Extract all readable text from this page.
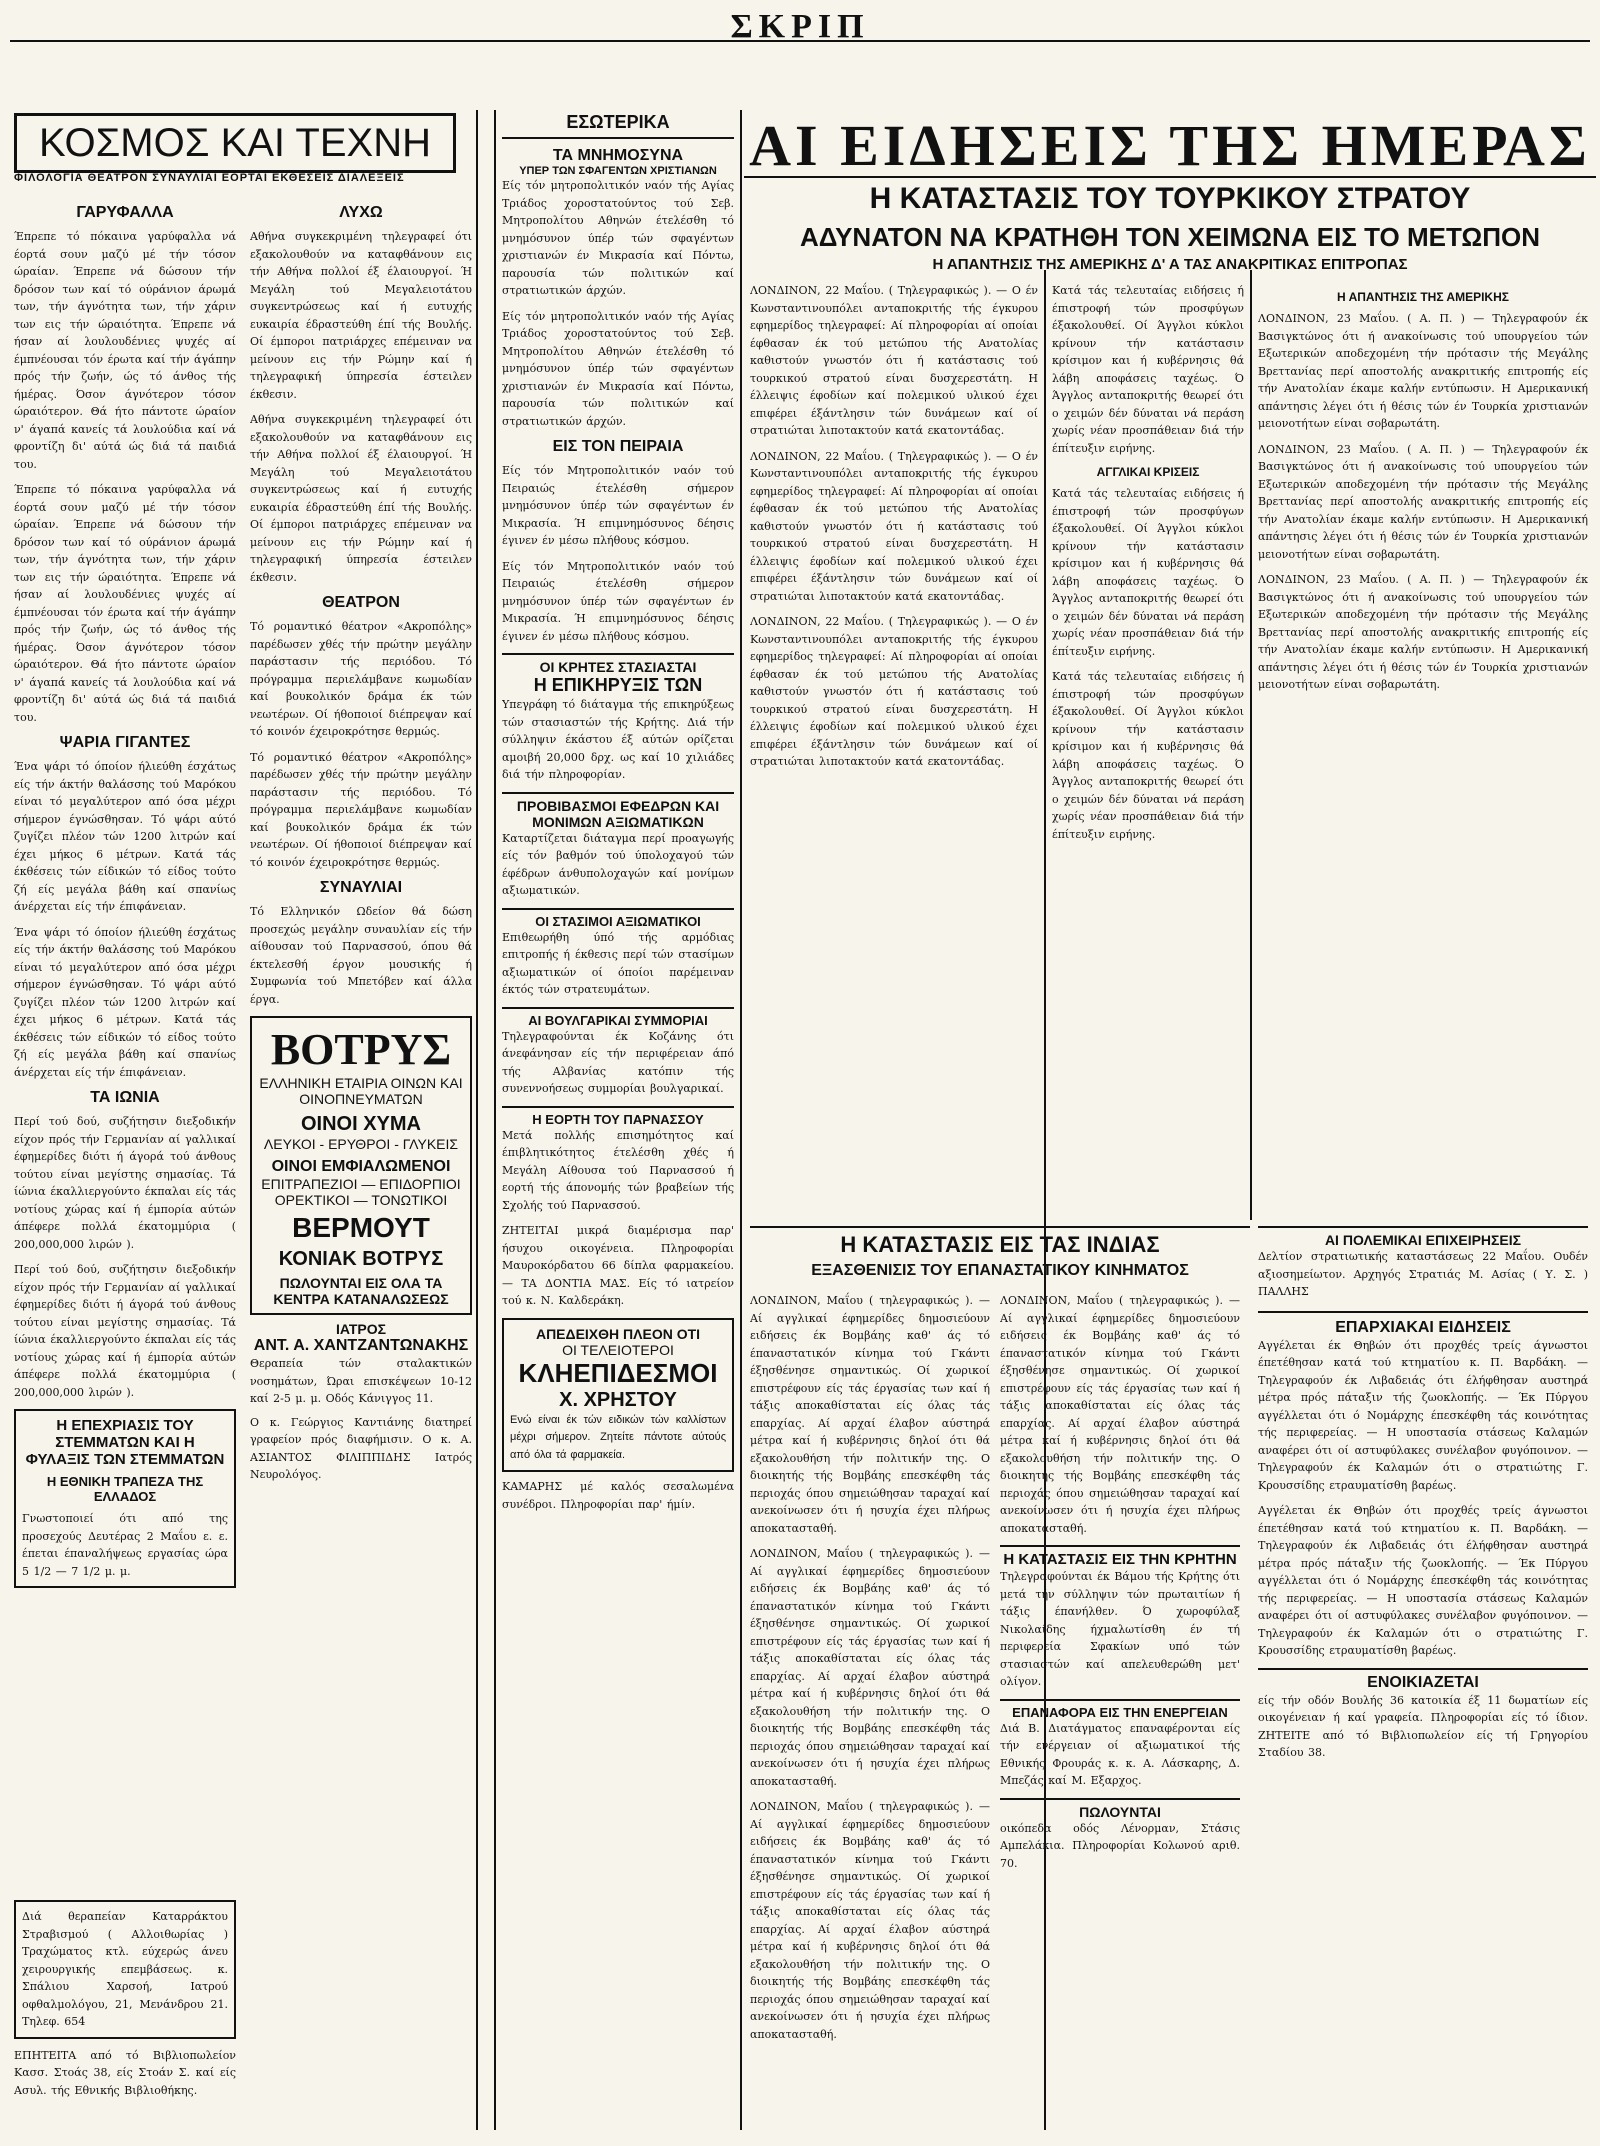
ΣΚΡΙΠ
ΚΟΣΜΟΣ ΚΑΙ ΤΕΧΝΗ
ΦΙΛΟΛΟΓΙΑ ΘΕΑΤΡΟΝ ΣΥΝΑΥΛΙΑΙ ΕΟΡΤΑΙ ΕΚΘΕΣΕΙΣ ΔΙΑΛΕΞΕΙΣ
ΓΑΡΥΦΑΛΛΑ
Έπρεπε τό πόκαινα γαρύφαλλα νά έορτά σουν μαζύ μέ τήν τόσον ώραίαν. Έπρεπε νά δώσουν τήν δρόσον των καί τό ούράνιον άρωμά των, τήν άγνότητα των, τήν χάριν των εις τήν ώραιότητα. Έπρεπε νά ήσαν αί λουλουδένιες ψυχές αί έμπνέουσαι τόν έρωτα καί τήν άγάπην πρός τήν ζωήν, ώς τό άνθος τής ήμέρας. Όσον άγνότερον τόσον ώραιότερον. Θά ήτο πάντοτε ώραίον ν' άγαπά κανείς τά λουλούδια καί νά φροντίζη δι' αύτά ώς διά τά παιδιά του.
Έπρεπε τό πόκαινα γαρύφαλλα νά έορτά σουν μαζύ μέ τήν τόσον ώραίαν. Έπρεπε νά δώσουν τήν δρόσον των καί τό ούράνιον άρωμά των, τήν άγνότητα των, τήν χάριν των εις τήν ώραιότητα. Έπρεπε νά ήσαν αί λουλουδένιες ψυχές αί έμπνέουσαι τόν έρωτα καί τήν άγάπην πρός τήν ζωήν, ώς τό άνθος τής ήμέρας. Όσον άγνότερον τόσον ώραιότερον. Θά ήτο πάντοτε ώραίον ν' άγαπά κανείς τά λουλούδια καί νά φροντίζη δι' αύτά ώς διά τά παιδιά του.
ΨΑΡΙΑ ΓΙΓΑΝΤΕΣ
Ένα ψάρι τό όποίον ήλιεύθη έσχάτως είς τήν άκτήν θαλάσσης τού Μαρόκου είναι τό μεγαλύτερον από όσα μέχρι σήμερον έγνώσθησαν. Τό ψάρι αύτό ζυγίζει πλέον τών 1200 λιτρών καί έχει μήκος 6 μέτρων. Κατά τάς έκθέσεις τών είδικών τό είδος τούτο ζή είς μεγάλα βάθη καί σπανίως άνέρχεται είς τήν έπιφάνειαν.
Ένα ψάρι τό όποίον ήλιεύθη έσχάτως είς τήν άκτήν θαλάσσης τού Μαρόκου είναι τό μεγαλύτερον από όσα μέχρι σήμερον έγνώσθησαν. Τό ψάρι αύτό ζυγίζει πλέον τών 1200 λιτρών καί έχει μήκος 6 μέτρων. Κατά τάς έκθέσεις τών είδικών τό είδος τούτο ζή είς μεγάλα βάθη καί σπανίως άνέρχεται είς τήν έπιφάνειαν.
ΤΑ ΙΩΝΙΑ
Περί τού δού, συζήτησιν διεξοδικήν είχον πρός τήν Γερμανίαν αί γαλλικαί έφημερίδες διότι ή άγορά τού άνθους τούτου είναι μεγίστης σημασίας. Τά ίώνια έκαλλιεργούντο έκπαλαι είς τάς νοτίους χώρας καί ή έμπορία αύτών άπέφερε πολλά έκατομμύρια ( 200,000,000 λιρών ).
Περί τού δού, συζήτησιν διεξοδικήν είχον πρός τήν Γερμανίαν αί γαλλικαί έφημερίδες διότι ή άγορά τού άνθους τούτου είναι μεγίστης σημασίας. Τά ίώνια έκαλλιεργούντο έκπαλαι είς τάς νοτίους χώρας καί ή έμπορία αύτών άπέφερε πολλά έκατομμύρια ( 200,000,000 λιρών ).
Η ΕΠΕΧΡΙΑΣΙΣ ΤΟΥ ΣΤΕΜΜΑΤΩΝ ΚΑΙ Η ΦΥΛΑΞΙΣ ΤΩΝ ΣΤΕΜΜΑΤΩΝ
Η ΕΘΝΙΚΗ ΤΡΑΠΕΖΑ ΤΗΣ ΕΛΛΑΔΟΣ
Γνωστοποιεί ότι από της προσεχούς Δευτέρας 2 Μαΐου ε. ε. έπεται έπαναλήψεως εργασίας ώρα 5 1/2 — 7 1/2 μ. μ.
ΛΥΧΩ
Αθήνα συγκεκριμένη τηλεγραφεί ότι εξακολουθούν να καταφθάνουν εις τήν Αθήνα πολλοί έξ έλαιουργοί. Ή Μεγάλη τού Μεγαλειοτάτου συγκεντρώσεως καί ή ευτυχής ευκαιρία έδραστεύθη έπί τής Βουλής. Οί έμποροι πατριάρχες επέμειναν να μείνουν εις τήν Ρώμην καί ή τηλεγραφική ύπηρεσία έστειλεν έκθεσιν.
Αθήνα συγκεκριμένη τηλεγραφεί ότι εξακολουθούν να καταφθάνουν εις τήν Αθήνα πολλοί έξ έλαιουργοί. Ή Μεγάλη τού Μεγαλειοτάτου συγκεντρώσεως καί ή ευτυχής ευκαιρία έδραστεύθη έπί τής Βουλής. Οί έμποροι πατριάρχες επέμειναν να μείνουν εις τήν Ρώμην καί ή τηλεγραφική ύπηρεσία έστειλεν έκθεσιν.
ΘΕΑΤΡΟΝ
Τό ρομαντικό θέατρον «Ακροπόλης» παρέδωσεν χθές τήν πρώτην μεγάλην παράστασιν τής περιόδου. Τό πρόγραμμα περιελάμβανε κωμωδίαν καί βουκολικόν δράμα έκ τών νεωτέρων. Οί ήθοποιοί διέπρεψαν καί τό κοινόν έχειροκρότησε θερμώς.
Τό ρομαντικό θέατρον «Ακροπόλης» παρέδωσεν χθές τήν πρώτην μεγάλην παράστασιν τής περιόδου. Τό πρόγραμμα περιελάμβανε κωμωδίαν καί βουκολικόν δράμα έκ τών νεωτέρων. Οί ήθοποιοί διέπρεψαν καί τό κοινόν έχειροκρότησε θερμώς.
ΣΥΝΑΥΛΙΑΙ
Τό Ελληνικόν Ωδείον θά δώση προσεχώς μεγάλην συναυλίαν είς τήν αίθουσαν τού Παρνασσού, όπου θά έκτελεσθή έργον μουσικής ή Συμφωνία τού Μπετόβεν καί άλλα έργα.
ΒΟΤΡΥΣ
ΕΛΛΗΝΙΚΗ ΕΤΑΙΡΙΑ ΟΙΝΩΝ ΚΑΙ ΟΙΝΟΠΝΕΥΜΑΤΩΝ
ΟΙΝΟΙ ΧΥΜΑ
ΛΕΥΚΟΙ - ΕΡΥΘΡΟΙ - ΓΛΥΚΕΙΣ
ΟΙΝΟΙ ΕΜΦΙΑΛΩΜΕΝΟΙ
ΕΠΙΤΡΑΠΕΖΙΟΙ — ΕΠΙΔΟΡΠΙΟΙ ΟΡΕΚΤΙΚΟΙ — ΤΟΝΩΤΙΚΟΙ
ΒΕΡΜΟΥΤ
ΚΟΝΙΑΚ ΒΟΤΡΥΣ
ΠΩΛΟΥΝΤΑΙ ΕΙΣ ΟΛΑ ΤΑ ΚΕΝΤΡΑ ΚΑΤΑΝΑΛΩΣΕΩΣ
ΙΑΤΡΟΣ
ΑΝΤ. Α. ΧΑΝΤΖΑΝΤΩΝΑΚΗΣ
Θεραπεία τών σταλακτικών νοσημάτων, Ώραι επισκέψεων 10-12 καί 2-5 μ. μ. Οδός Κάνιγγος 11.
Ο κ. Γεώργιος Καντιάνης διατηρεί γραφείον πρός διαφήμισιν. Ο κ. Α. ΑΣΙΑΝΤΟΣ ΦΙΛΙΠΠΙΔΗΣ Ιατρός Νευρολόγος.
ΕΣΩΤΕΡΙΚΑ
ΤΑ ΜΝΗΜΟΣΥΝΑ
ΥΠΕΡ ΤΩΝ ΣΦΑΓΕΝΤΩΝ ΧΡΙΣΤΙΑΝΩΝ
Είς τόν μητροπολιτικόν ναόν τής Αγίας Τριάδος χοροστατούντος τού Σεβ. Μητροπολίτου Αθηνών έτελέσθη τό μνημόσυνον ύπέρ τών σφαγέντων χριστιανών έν Μικρασία καί Πόντω, παρουσία τών πολιτικών καί στρατιωτικών άρχών.
Είς τόν μητροπολιτικόν ναόν τής Αγίας Τριάδος χοροστατούντος τού Σεβ. Μητροπολίτου Αθηνών έτελέσθη τό μνημόσυνον ύπέρ τών σφαγέντων χριστιανών έν Μικρασία καί Πόντω, παρουσία τών πολιτικών καί στρατιωτικών άρχών.
ΕΙΣ ΤΟΝ ΠΕΙΡΑΙΑ
Είς τόν Μητροπολιτικόν ναόν τού Πειραιώς έτελέσθη σήμερον μνημόσυνον ύπέρ τών σφαγέντων έν Μικρασία. Ή επιμνημόσυνος δέησις έγινεν έν μέσω πλήθους κόσμου.
Είς τόν Μητροπολιτικόν ναόν τού Πειραιώς έτελέσθη σήμερον μνημόσυνον ύπέρ τών σφαγέντων έν Μικρασία. Ή επιμνημόσυνος δέησις έγινεν έν μέσω πλήθους κόσμου.
ΟΙ ΚΡΗΤΕΣ ΣΤΑΣΙΑΣΤΑΙ
Η ΕΠΙΚΗΡΥΞΙΣ ΤΩΝ
Υπεγράφη τό διάταγμα τής επικηρύξεως τών στασιαστών τής Κρήτης. Διά τήν σύλληψιν έκάστου έξ αύτών ορίζεται αμοιβή 20,000 δρχ. ως καί 10 χιλιάδες διά τήν πληροφορίαν.
ΠΡΟΒΙΒΑΣΜΟΙ ΕΦΕΔΡΩΝ ΚΑΙ ΜΟΝΙΜΩΝ ΑΞΙΩΜΑΤΙΚΩΝ
Καταρτίζεται διάταγμα περί προαγωγής είς τόν βαθμόν τού ύπολοχαγού τών έφέδρων άνθυπολοχαγών καί μονίμων αξιωματικών.
ΟΙ ΣΤΑΣΙΜΟΙ ΑΞΙΩΜΑΤΙΚΟΙ
Επιθεωρήθη ύπό τής αρμόδιας επιτροπής ή έκθεσις περί τών στασίμων αξιωματικών οί όποίοι παρέμειναν έκτός τών στρατευμάτων.
ΑΙ ΒΟΥΛΓΑΡΙΚΑΙ ΣΥΜΜΟΡΙΑΙ
Τηλεγραφούνται έκ Κοζάνης ότι άνεφάνησαν είς τήν περιφέρειαν άπό τής Αλβανίας κατόπιν τής συνεννοήσεως συμμορίαι βουλγαρικαί.
Η ΕΟΡΤΗ ΤΟΥ ΠΑΡΝΑΣΣΟΥ
Μετά πολλής επισημότητος καί έπιβλητικότητος έτελέσθη χθές ή Μεγάλη Αίθουσα τού Παρνασσού ή εορτή τής άπονομής τών βραβείων τής Σχολής τού Παρνασσού.
ΖΗΤΕΙΤΑΙ μικρά διαμέρισμα παρ' ήσυχου οικογένεια. Πληροφορίαι Μαυροκόρδατου 66 δίπλα φαρμακείου. — ΤΑ ΔΟΝΤΙΑ ΜΑΣ. Είς τό ιατρείον τού κ. Ν. Καλδεράκη.
ΑΠΕΔΕΙΧΘΗ ΠΛΕΟΝ ΟΤΙ
ΟΙ ΤΕΛΕΙΟΤΕΡΟΙ
ΚΛΗΕΠΙΔΕΣΜΟΙ
Χ. ΧΡΗΣΤΟΥ
Ενώ είναι έκ τών ειδικών τών καλλίστων μέχρι σήμερον. Ζητείτε πάντοτε αύτούς από όλα τά φαρμακεία.
ΚΑΜΑΡΗΣ μέ καλός σεσαλωμένα συνέδροι. Πληροφορίαι παρ' ήμίν.
ΑΙ ΕΙΔΗΣΕΙΣ ΤΗΣ ΗΜΕΡΑΣ
Η ΚΑΤΑΣΤΑΣΙΣ ΤΟΥ ΤΟΥΡΚΙΚΟΥ ΣΤΡΑΤΟΥ
ΑΔΥΝΑΤΟΝ ΝΑ ΚΡΑΤΗΘΗ ΤΟΝ ΧΕΙΜΩΝΑ ΕΙΣ ΤΟ ΜΕΤΩΠΟΝ
Η ΑΠΑΝΤΗΣΙΣ ΤΗΣ ΑΜΕΡΙΚΗΣ Δ' Α ΤΑΣ ΑΝΑΚΡΙΤΙΚΑΣ ΕΠΙΤΡΟΠΑΣ
ΛΟΝΔΙΝΟΝ, 22 Μαΐου. ( Τηλεγραφικώς ). — Ο έν Κωνσταντινουπόλει ανταποκριτής τής έγκυρου εφημερίδος τηλεγραφεί: Αί πληροφορίαι αί οποίαι έφθασαν έκ τού μετώπου τής Ανατολίας καθιστούν γνωστόν ότι ή κατάστασις τού τουρκικού στρατού είναι δυσχερεστάτη. Η έλλειψις έφοδίων καί πολεμικού υλικού έχει επιφέρει έξάντλησιν τών δυνάμεων καί οί στρατιώται λιποτακτούν κατά εκατοντάδας.
ΛΟΝΔΙΝΟΝ, 22 Μαΐου. ( Τηλεγραφικώς ). — Ο έν Κωνσταντινουπόλει ανταποκριτής τής έγκυρου εφημερίδος τηλεγραφεί: Αί πληροφορίαι αί οποίαι έφθασαν έκ τού μετώπου τής Ανατολίας καθιστούν γνωστόν ότι ή κατάστασις τού τουρκικού στρατού είναι δυσχερεστάτη. Η έλλειψις έφοδίων καί πολεμικού υλικού έχει επιφέρει έξάντλησιν τών δυνάμεων καί οί στρατιώται λιποτακτούν κατά εκατοντάδας.
ΛΟΝΔΙΝΟΝ, 22 Μαΐου. ( Τηλεγραφικώς ). — Ο έν Κωνσταντινουπόλει ανταποκριτής τής έγκυρου εφημερίδος τηλεγραφεί: Αί πληροφορίαι αί οποίαι έφθασαν έκ τού μετώπου τής Ανατολίας καθιστούν γνωστόν ότι ή κατάστασις τού τουρκικού στρατού είναι δυσχερεστάτη. Η έλλειψις έφοδίων καί πολεμικού υλικού έχει επιφέρει έξάντλησιν τών δυνάμεων καί οί στρατιώται λιποτακτούν κατά εκατοντάδας.
Κατά τάς τελευταίας ειδήσεις ή έπιστροφή τών προσφύγων έξακολουθεί. Οί Άγγλοι κύκλοι κρίνουν τήν κατάστασιν κρίσιμον και ή κυβέρνησις θά λάβη αποφάσεις ταχέως. Ό Άγγλος ανταποκριτής θεωρεί ότι ο χειμών δέν δύναται νά περάση χωρίς νέαν προσπάθειαν διά τήν έπίτευξιν ειρήνης.
ΑΓΓΛΙΚΑΙ ΚΡΙΣΕΙΣ
Κατά τάς τελευταίας ειδήσεις ή έπιστροφή τών προσφύγων έξακολουθεί. Οί Άγγλοι κύκλοι κρίνουν τήν κατάστασιν κρίσιμον και ή κυβέρνησις θά λάβη αποφάσεις ταχέως. Ό Άγγλος ανταποκριτής θεωρεί ότι ο χειμών δέν δύναται νά περάση χωρίς νέαν προσπάθειαν διά τήν έπίτευξιν ειρήνης.
Κατά τάς τελευταίας ειδήσεις ή έπιστροφή τών προσφύγων έξακολουθεί. Οί Άγγλοι κύκλοι κρίνουν τήν κατάστασιν κρίσιμον και ή κυβέρνησις θά λάβη αποφάσεις ταχέως. Ό Άγγλος ανταποκριτής θεωρεί ότι ο χειμών δέν δύναται νά περάση χωρίς νέαν προσπάθειαν διά τήν έπίτευξιν ειρήνης.
Η ΑΠΑΝΤΗΣΙΣ ΤΗΣ ΑΜΕΡΙΚΗΣ
ΛΟΝΔΙΝΟΝ, 23 Μαΐου. ( Α. Π. ) — Τηλεγραφούν έκ Βασιγκτώνος ότι ή ανακοίνωσις τού υπουργείου τών Εξωτερικών αποδεχομένη τήν πρότασιν τής Μεγάλης Βρεττανίας περί αποστολής ανακριτικής επιτροπής είς τήν Ανατολίαν έκαμε καλήν εντύπωσιν. Η Αμερικανική απάντησις λέγει ότι ή θέσις τών έν Τουρκία χριστιανών μειονοτήτων είναι σοβαρωτάτη.
ΛΟΝΔΙΝΟΝ, 23 Μαΐου. ( Α. Π. ) — Τηλεγραφούν έκ Βασιγκτώνος ότι ή ανακοίνωσις τού υπουργείου τών Εξωτερικών αποδεχομένη τήν πρότασιν τής Μεγάλης Βρεττανίας περί αποστολής ανακριτικής επιτροπής είς τήν Ανατολίαν έκαμε καλήν εντύπωσιν. Η Αμερικανική απάντησις λέγει ότι ή θέσις τών έν Τουρκία χριστιανών μειονοτήτων είναι σοβαρωτάτη.
ΛΟΝΔΙΝΟΝ, 23 Μαΐου. ( Α. Π. ) — Τηλεγραφούν έκ Βασιγκτώνος ότι ή ανακοίνωσις τού υπουργείου τών Εξωτερικών αποδεχομένη τήν πρότασιν τής Μεγάλης Βρεττανίας περί αποστολής ανακριτικής επιτροπής είς τήν Ανατολίαν έκαμε καλήν εντύπωσιν. Η Αμερικανική απάντησις λέγει ότι ή θέσις τών έν Τουρκία χριστιανών μειονοτήτων είναι σοβαρωτάτη.
Η ΚΑΤΑΣΤΑΣΙΣ ΕΙΣ ΤΑΣ ΙΝΔΙΑΣ
ΕΞΑΣΘΕΝΙΣΙΣ ΤΟΥ ΕΠΑΝΑΣΤΑΤΙΚΟΥ ΚΙΝΗΜΑΤΟΣ
ΛΟΝΔΙΝΟΝ, Μαΐου ( τηλεγραφικώς ). — Αί αγγλικαί έφημερίδες δημοσιεύουν ειδήσεις έκ Βομβάης καθ' άς τό έπαναστατικόν κίνημα τού Γκάντι έξησθένησε σημαντικώς. Οί χωρικοί επιστρέφουν είς τάς έργασίας των καί ή τάξις αποκαθίσταται είς όλας τάς επαρχίας. Αί αρχαί έλαβον αύστηρά μέτρα καί ή κυβέρνησις δηλοί ότι θά εξακολουθήση τήν πολιτικήν της. Ο διοικητής τής Βομβάης επεσκέφθη τάς περιοχάς όπου σημειώθησαν ταραχαί καί ανεκοίνωσεν ότι ή ησυχία έχει πλήρως αποκατασταθή.
ΛΟΝΔΙΝΟΝ, Μαΐου ( τηλεγραφικώς ). — Αί αγγλικαί έφημερίδες δημοσιεύουν ειδήσεις έκ Βομβάης καθ' άς τό έπαναστατικόν κίνημα τού Γκάντι έξησθένησε σημαντικώς. Οί χωρικοί επιστρέφουν είς τάς έργασίας των καί ή τάξις αποκαθίσταται είς όλας τάς επαρχίας. Αί αρχαί έλαβον αύστηρά μέτρα καί ή κυβέρνησις δηλοί ότι θά εξακολουθήση τήν πολιτικήν της. Ο διοικητής τής Βομβάης επεσκέφθη τάς περιοχάς όπου σημειώθησαν ταραχαί καί ανεκοίνωσεν ότι ή ησυχία έχει πλήρως αποκατασταθή.
ΛΟΝΔΙΝΟΝ, Μαΐου ( τηλεγραφικώς ). — Αί αγγλικαί έφημερίδες δημοσιεύουν ειδήσεις έκ Βομβάης καθ' άς τό έπαναστατικόν κίνημα τού Γκάντι έξησθένησε σημαντικώς. Οί χωρικοί επιστρέφουν είς τάς έργασίας των καί ή τάξις αποκαθίσταται είς όλας τάς επαρχίας. Αί αρχαί έλαβον αύστηρά μέτρα καί ή κυβέρνησις δηλοί ότι θά εξακολουθήση τήν πολιτικήν της. Ο διοικητής τής Βομβάης επεσκέφθη τάς περιοχάς όπου σημειώθησαν ταραχαί καί ανεκοίνωσεν ότι ή ησυχία έχει πλήρως αποκατασταθή.
ΛΟΝΔΙΝΟΝ, Μαΐου ( τηλεγραφικώς ). — Αί αγγλικαί έφημερίδες δημοσιεύουν ειδήσεις έκ Βομβάης καθ' άς τό έπαναστατικόν κίνημα τού Γκάντι έξησθένησε σημαντικώς. Οί χωρικοί επιστρέφουν είς τάς έργασίας των καί ή τάξις αποκαθίσταται είς όλας τάς επαρχίας. Αί αρχαί έλαβον αύστηρά μέτρα καί ή κυβέρνησις δηλοί ότι θά εξακολουθήση τήν πολιτικήν της. Ο διοικητής τής Βομβάης επεσκέφθη τάς περιοχάς όπου σημειώθησαν ταραχαί καί ανεκοίνωσεν ότι ή ησυχία έχει πλήρως αποκατασταθή.
Η ΚΑΤΑΣΤΑΣΙΣ ΕΙΣ ΤΗΝ ΚΡΗΤΗΝ
Τηλεγραφούνται έκ Βάμου τής Κρήτης ότι μετά τήν σύλληψιν τών πρωταιτίων ή τάξις έπανήλθεν. Ό χωροφύλαξ Νικολαίδης ήχμαλωτίσθη έν τή περιφερεία Σφακίων υπό τών στασιαστών καί απελευθερώθη μετ' ολίγον.
ΕΠΑΝΑΦΟΡΑ ΕΙΣ ΤΗΝ ΕΝΕΡΓΕΙΑΝ
Διά Β. Διατάγματος επαναφέρονται είς τήν ενέργειαν οί αξιωματικοί τής Εθνικής Φρουράς κ. κ. Α. Λάσκαρης, Δ. Μπεζάς καί Μ. Εξαρχος.
ΠΩΛΟΥΝΤΑΙ
οικόπεδα οδός Λένορμαν, Στάσις Αμπελάκια. Πληροφορίαι Κολωνού αριθ. 70.
ΑΙ ΠΟΛΕΜΙΚΑΙ ΕΠΙΧΕΙΡΗΣΕΙΣ
Δελτίον στρατιωτικής καταστάσεως 22 Μαΐου. Ουδέν αξιοσημείωτον. Αρχηγός Στρατιάς Μ. Ασίας ( Υ. Σ. ) ΠΑΛΛΗΣ
ΕΠΑΡΧΙΑΚΑΙ ΕΙΔΗΣΕΙΣ
Αγγέλεται έκ Θηβών ότι προχθές τρείς άγνωστοι έπετέθησαν κατά τού κτηματίου κ. Π. Βαρδάκη. — Τηλεγραφούν έκ Λιβαδειάς ότι έλήφθησαν αυστηρά μέτρα πρός πάταξιν τής ζωοκλοπής. — Έκ Πύργου αγγέλλεται ότι ό Νομάρχης έπεσκέφθη τάς κοινότητας τής περιφερείας. — Η υποστασία στάσεως Καλαμών αναφέρει ότι οί αστυφύλακες συνέλαβον φυγόποινον. — Τηλεγραφούν έκ Καλαμών ότι ο στρατιώτης Γ. Κρουσσίδης ετραυματίσθη βαρέως.
Αγγέλεται έκ Θηβών ότι προχθές τρείς άγνωστοι έπετέθησαν κατά τού κτηματίου κ. Π. Βαρδάκη. — Τηλεγραφούν έκ Λιβαδειάς ότι έλήφθησαν αυστηρά μέτρα πρός πάταξιν τής ζωοκλοπής. — Έκ Πύργου αγγέλλεται ότι ό Νομάρχης έπεσκέφθη τάς κοινότητας τής περιφερείας. — Η υποστασία στάσεως Καλαμών αναφέρει ότι οί αστυφύλακες συνέλαβον φυγόποινον. — Τηλεγραφούν έκ Καλαμών ότι ο στρατιώτης Γ. Κρουσσίδης ετραυματίσθη βαρέως.
ΕΝΟΙΚΙΑΖΕΤΑΙ
είς τήν οδόν Βουλής 36 κατοικία έξ 11 δωματίων είς οικογένειαν ή καί γραφεία. Πληροφορίαι είς τό ίδιον. ΖΗΤΕΙΤΕ από τό Βιβλιοπωλείον είς τή Γρηγορίου Σταδίου 38.
Διά θεραπείαν Καταρράκτου Στραβισμού ( Αλλοιθωρίας ) Τραχώματος κτλ. εύχερώς άνευ χειρουργικής επεμβάσεως. κ. Σπάλιου Χαρσοή, Ιατρού οφθαλμολόγου, 21, Μενάνδρου 21. Τηλεφ. 654
ΕΠΗΤΕΙΤΑ από τό Βιβλιοπωλείον Κασσ. Στοάς 38, είς Στοάν Σ. καί είς Ασυλ. τής Εθνικής Βιβλιοθήκης.
